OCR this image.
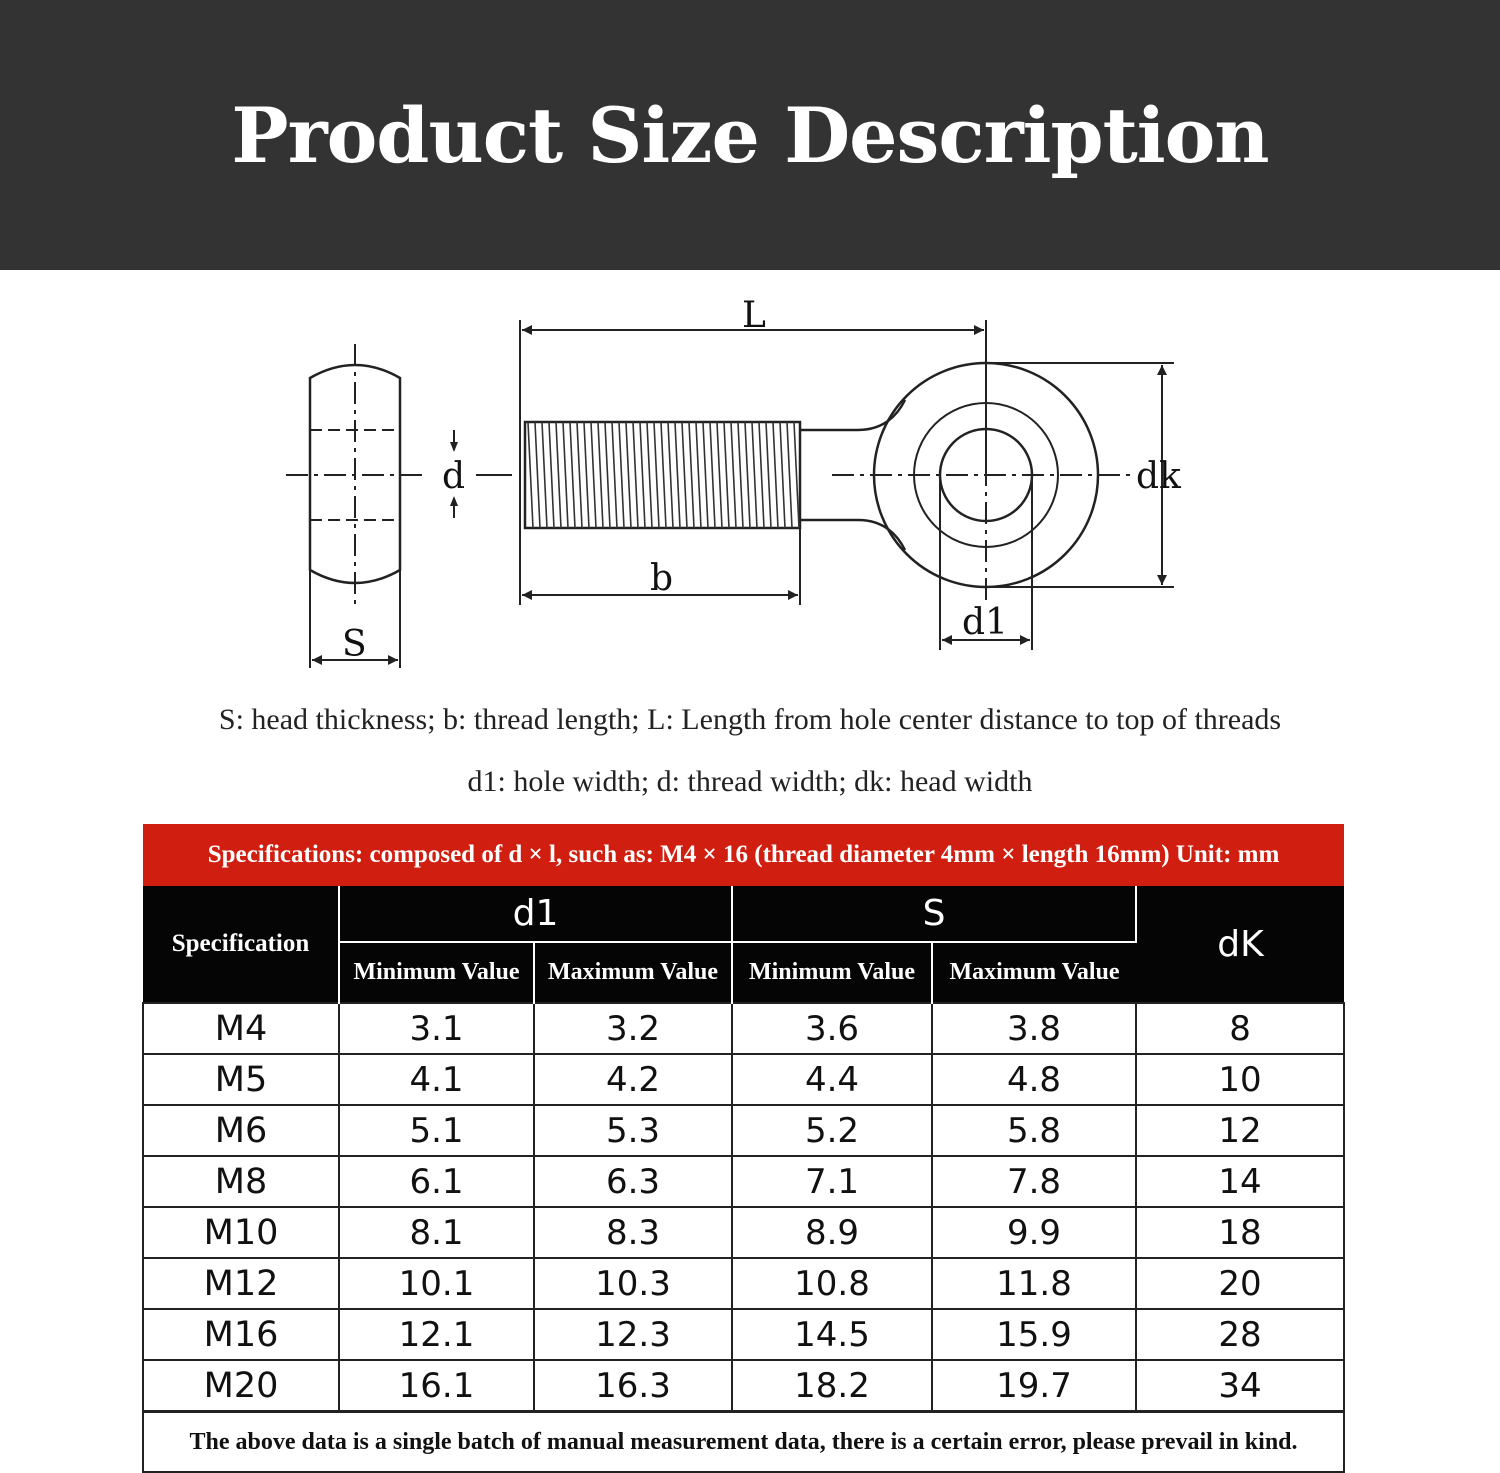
Product Size Description
L
b
d	dk
d1
S
S: head thickness; b: thread length; L: Length from hole center distance to top of threads
d1: hole width; d: thread width; dk: head width
Specifications: composed of d × l, such as: M4 × 16 (thread diameter 4mm × length 16mm) Unit: mm					
Specification	d1		S		dK
	Minimum Value	Maximum Value	Minimum Value	Maximum Value	
M4	3.1	3.2	3.6	3.8	8
M5	4.1	4.2	4.4	4.8	10
M6	5.1	5.3	5.2	5.8	12
M8	6.1	6.3	7.1	7.8	14
M10	8.1	8.3	8.9	9.9	18
M12	10.1	10.3	10.8	11.8	20
M16	12.1	12.3	14.5	15.9	28
M20	16.1	16.3	18.2	19.7	34
The above data is a single batch of manual measurement data, there is a certain error, please prevail in kind.					
